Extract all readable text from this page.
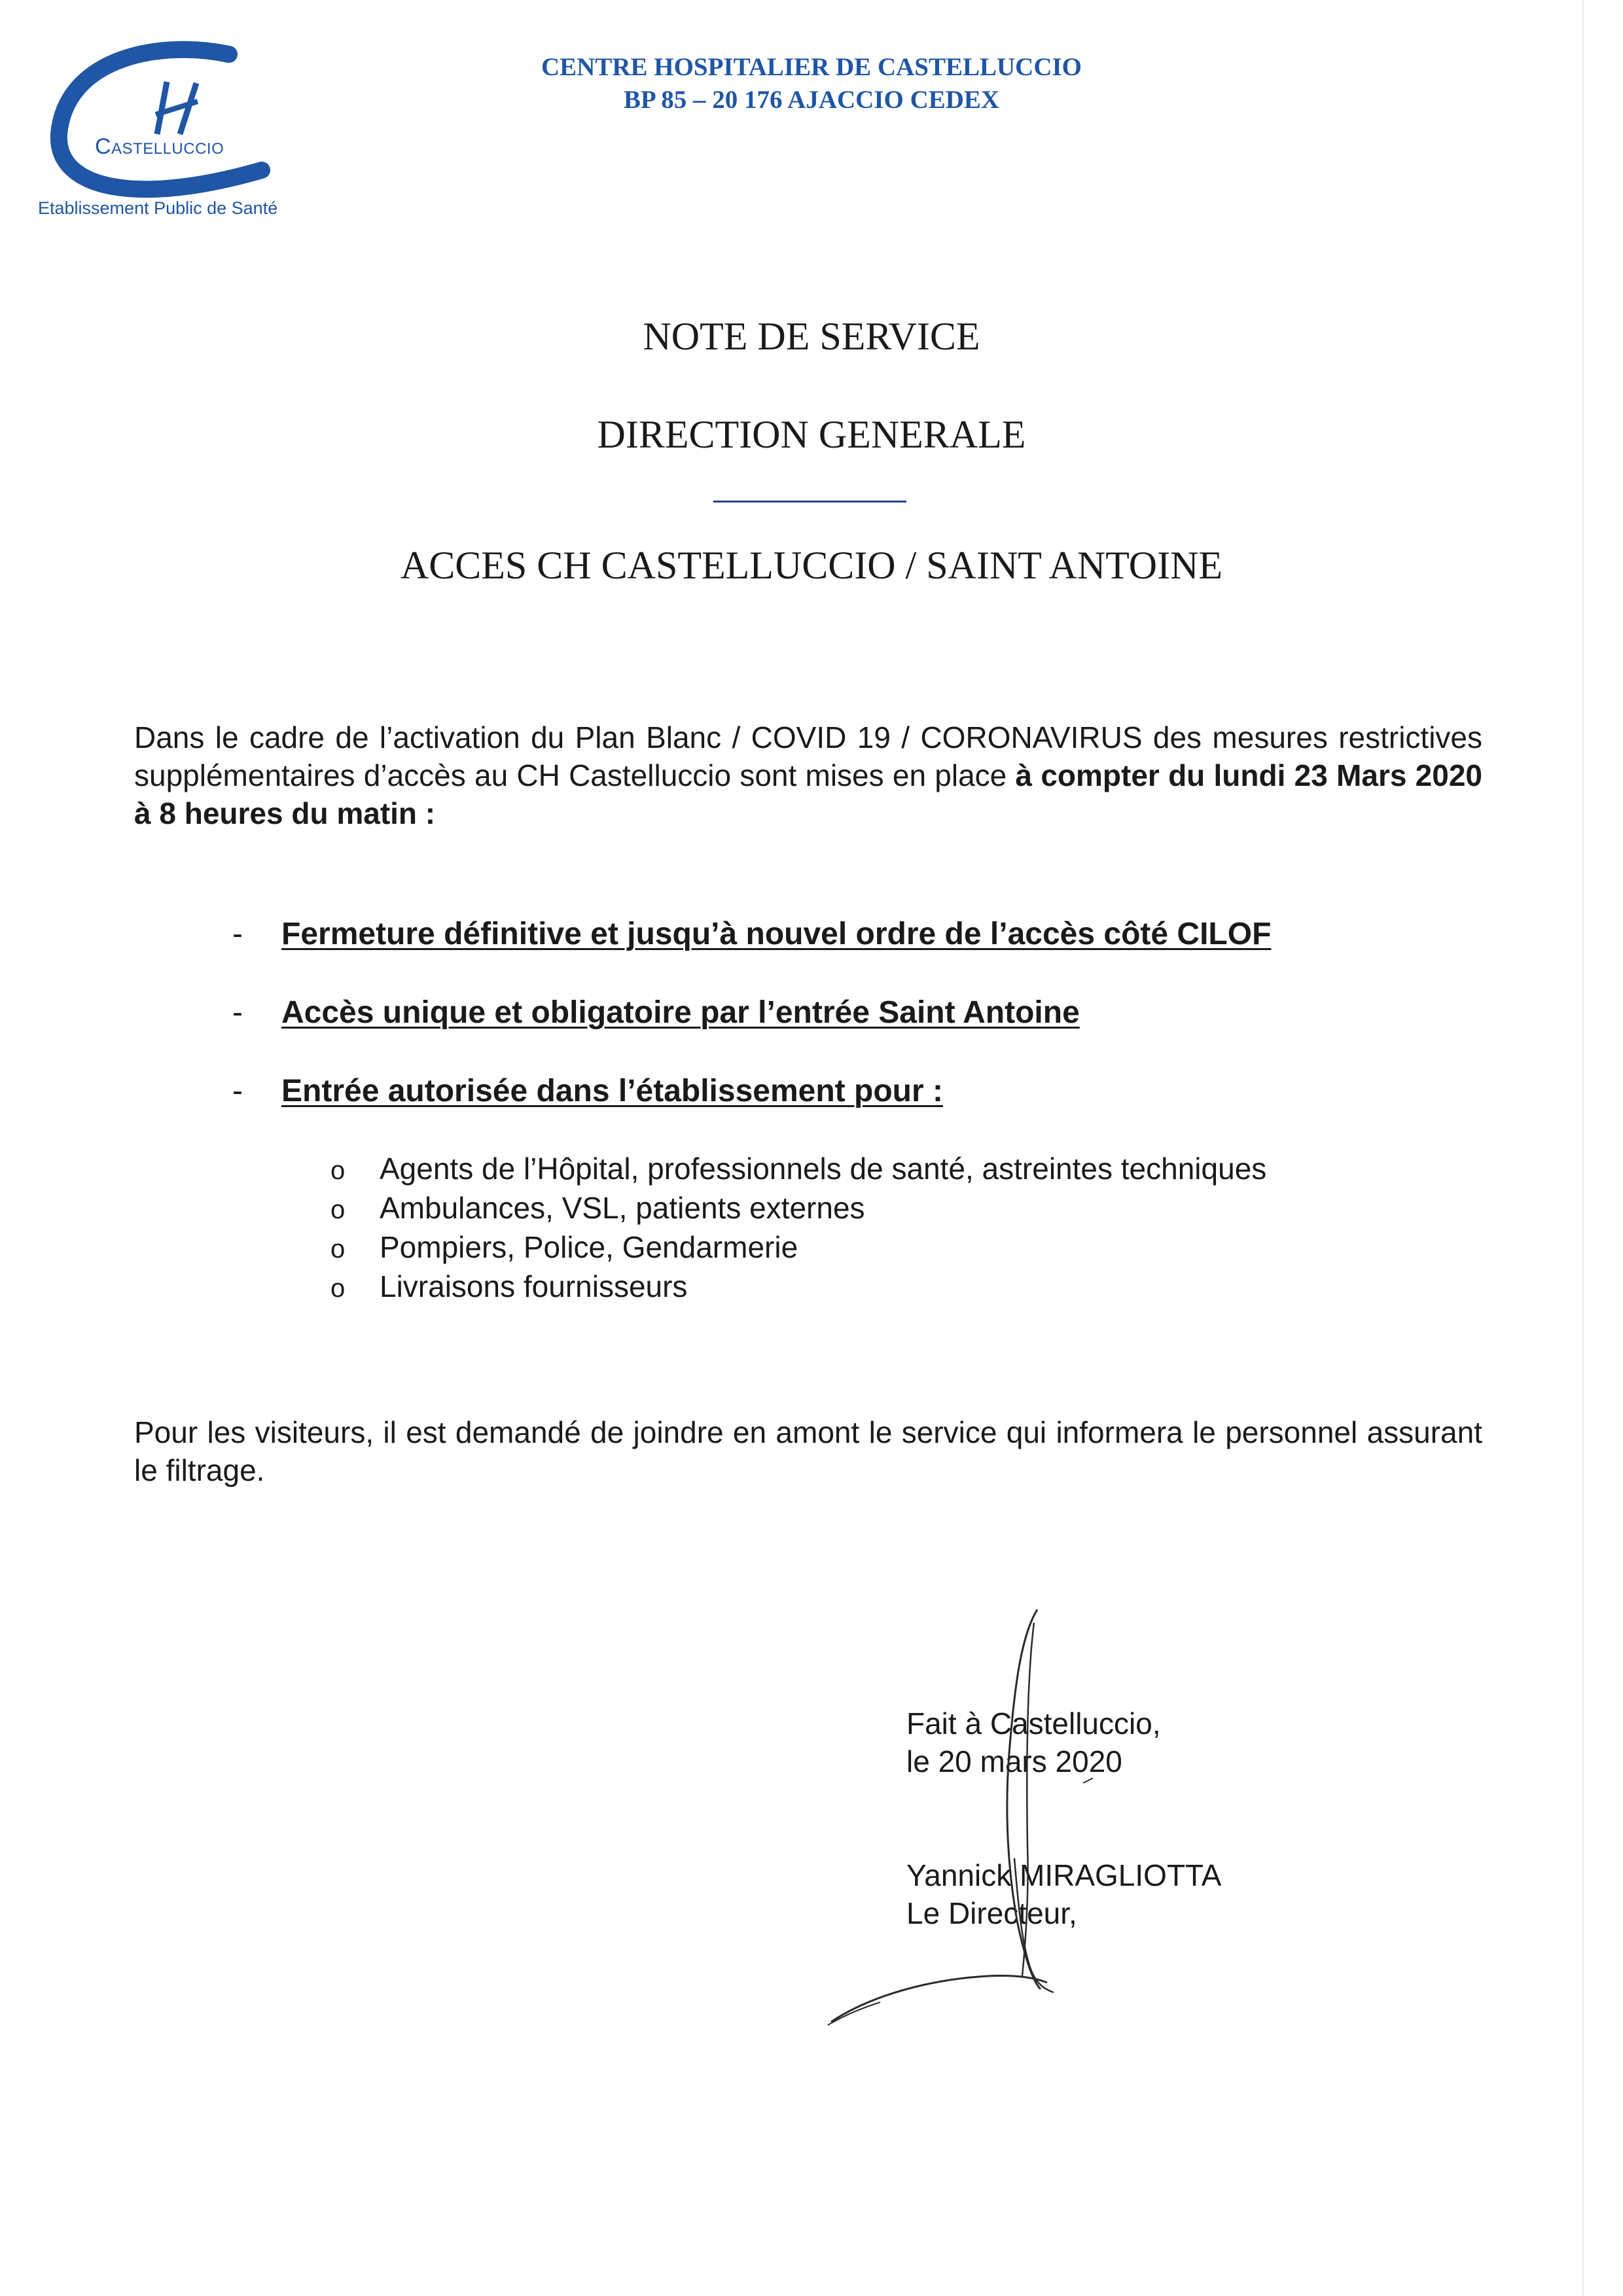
Castelluccio
Etablissement Public de Santé
CENTRE HOSPITALIER DE CASTELLUCCIO
BP 85 – 20 176 AJACCIO CEDEX
NOTE DE SERVICE
DIRECTION GENERALE
ACCES CH CASTELLUCCIO / SAINT ANTOINE
Dans le cadre de l’activation du Plan Blanc / COVID 19 / CORONAVIRUS des mesures restrictives supplémentaires d’accès au CH Castelluccio sont mises en place à compter du lundi 23 Mars 2020 à 8 heures du matin :
- Fermeture définitive et jusqu’à nouvel ordre de l’accès côté CILOF
- Accès unique et obligatoire par l’entrée Saint Antoine
- Entrée autorisée dans l’établissement pour :
o Agents de l’Hôpital, professionnels de santé, astreintes techniques
o Ambulances, VSL, patients externes
o Pompiers, Police, Gendarmerie
o Livraisons fournisseurs
Pour les visiteurs, il est demandé de joindre en amont le service qui informera le personnel assurant le filtrage.
Fait à Castelluccio,
le 20 mars 2020
Yannick MIRAGLIOTTA
Le Directeur,
